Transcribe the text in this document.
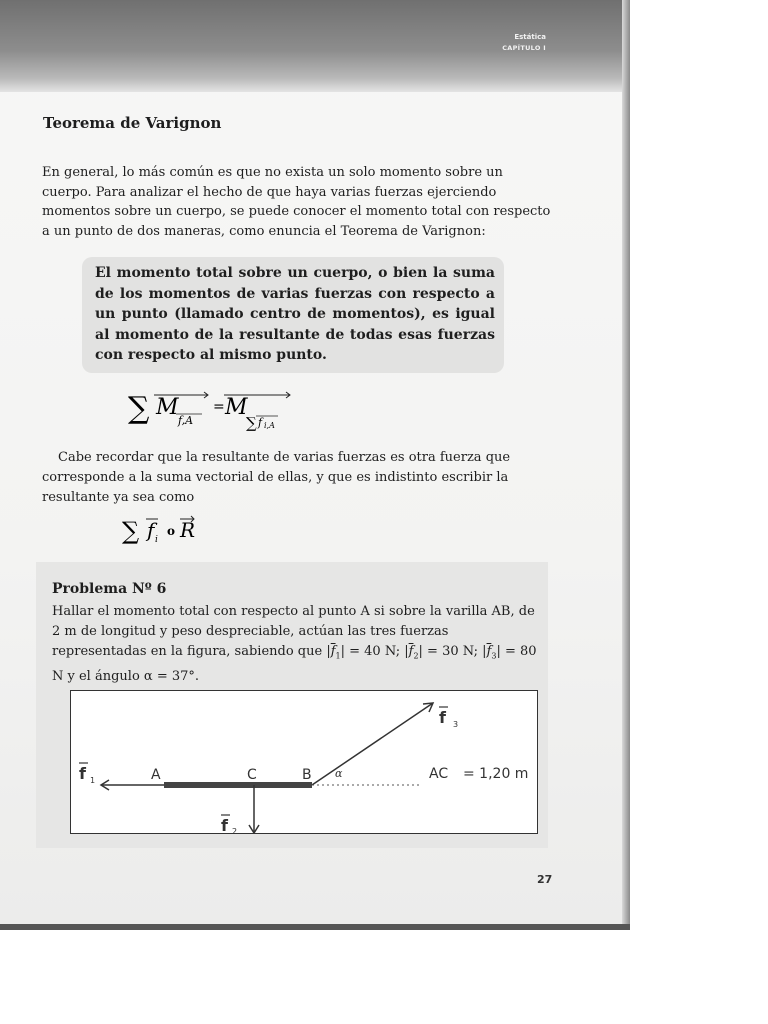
Estática
CAPÍTULO I
Teorema de Varignon

En general, lo más común es que no exista un solo momento sobre un cuerpo. Para analizar el hecho de que haya varias fuerzas ejerciendo momentos sobre un cuerpo, se puede conocer el momento total con respecto a un punto de dos maneras, como enuncia el Teorema de Varignon:

El momento total sobre un cuerpo, o bien la suma de los momentos de varias fuerzas con respecto a un punto (llamado centro de momentos), es igual al momento de la resultante de todas esas fuerzas con respecto al mismo punto.

∑ M
f,A
= M
∑ f i,A

Cabe recordar que la resultante de varias fuerzas es otra fuerza que corresponde a la suma vectorial de ellas, y que es indistinto escribir la resultante ya sea como

∑ f i
o R
Problema Nº 6

Hallar el momento total con respecto al punto A si sobre la varilla AB, de 2 m de longitud y peso despreciable, actúan las tres fuerzas representadas en la figura, sabiendo que $|\overline{f}_1| = 40$ N; $|\overline{f}_2| = 30$ N; $|\overline{f}_3| = 80$ N y el ángulo α = 37°.

f 1	A	C	B α
f 2
f 3
AC = 1,20 m
27
